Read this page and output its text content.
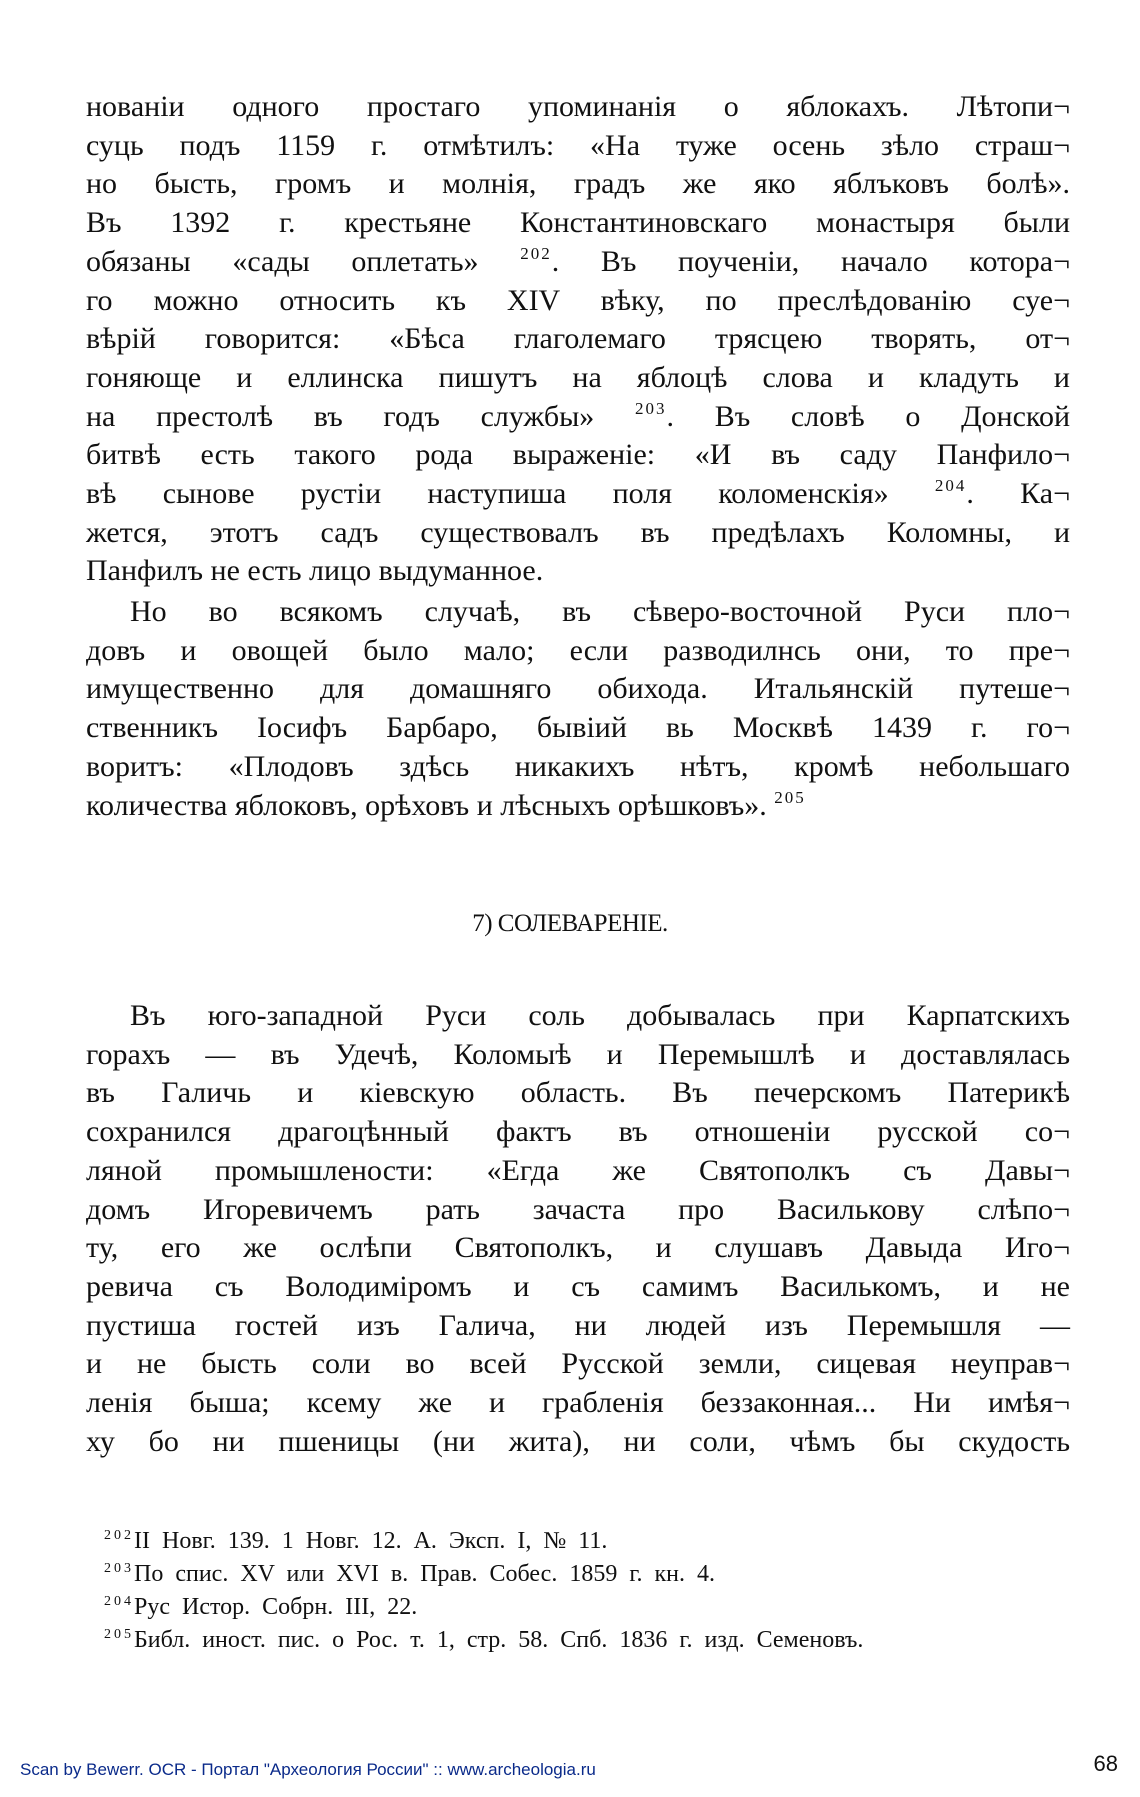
нованiи одного простаго упоминанiя о яблокахъ. Лѣтопи¬
суць подъ 1159 г. отмѣтилъ: «На туже осень зѣло страш¬
но бысть, громъ и молнiя, градъ же яко яблъковъ болѣ».
Въ 1392 г. крестьяне Константиновскаго монастыря были
обязаны «сады оплетать» $^{202}$. Въ поученiи, начало котора¬
го можно относить къ XIV вѣку, по преслѣдованiю суе¬
вѣрiй говорится: «Бѣса глаголемаго трясцею творять, от¬
гоняюще и еллинска пишутъ на яблоцѣ слова и кладуть и
на престолѣ въ годъ службы» $^{203}$. Въ словѣ о Донской
битвѣ есть такого рода выраженiе: «И въ саду Панфило¬
вѣ сынове рустiи наступиша поля коломенскiя»	$^{204}$. Ка¬
жется, этотъ садъ существовалъ въ предѣлахъ Коломны, и
Панфилъ не есть лицо выдуманное.
Но во всякомъ случаѣ, въ сѣверо-восточной Руси пло¬
довъ и овощей было мало; если разводилнсь они, то пре¬
имущественно для домашняго обихода. Итальянскiй путеше¬
ственникъ Iосифъ Барбаро, бывiий вь Москвѣ 1439 г. го¬
воритъ: «Плодовъ здѣсь никакихъ нѣтъ, кромѣ небольшаго
количества яблоковъ, орѣховъ и лѣсныхъ орѣшковъ». $^{205}$
7) СОЛЕВАРЕНIЕ.
Въ юго-западной Руси соль добывалась при Карпатскихъ
горахъ — въ Удечѣ, Коломыѣ и Перемышлѣ и доставлялась
въ Галичь и кiевскую область. Въ печерскомъ Патерикѣ
сохранился драгоцѣнный фактъ въ отношенiи русской со¬
ляной промышлености: «Егда же Святополкъ съ Давы¬
домъ Игоревичемъ рать зачаста про Василькову слѣпо¬
ту, его же ослѣпи Святополкъ, и слушавъ Давыда Иго¬
ревича съ Володимiромъ и съ самимъ Василькомъ, и не
пустиша гостей изъ Галича, ни людей изъ Перемышля —
и не бысть соли во всей Русской земли, сицевая неуправ¬
ленiя быша; ксему же и грабленiя беззаконная... Ни имѣя¬
ху бо ни пшеницы (ни жита), ни соли, чѣмъ бы скудость
$^{202}$II Новг. 139. 1 Новг. 12. А. Эксп. I, № 11.
$^{203}$По спис. XV или XVI в. Прав. Собес. 1859 г. кн. 4.
$^{204}$Рус Истор. Собрн. III, 22.
$^{205}$Библ. иност. пис. о Рос. т. 1, стр. 58. Спб. 1836 г. изд. Семеновъ.
Scan by Bewerr. OCR - Портал "Археология России" :: www.archeologia.ru	68
